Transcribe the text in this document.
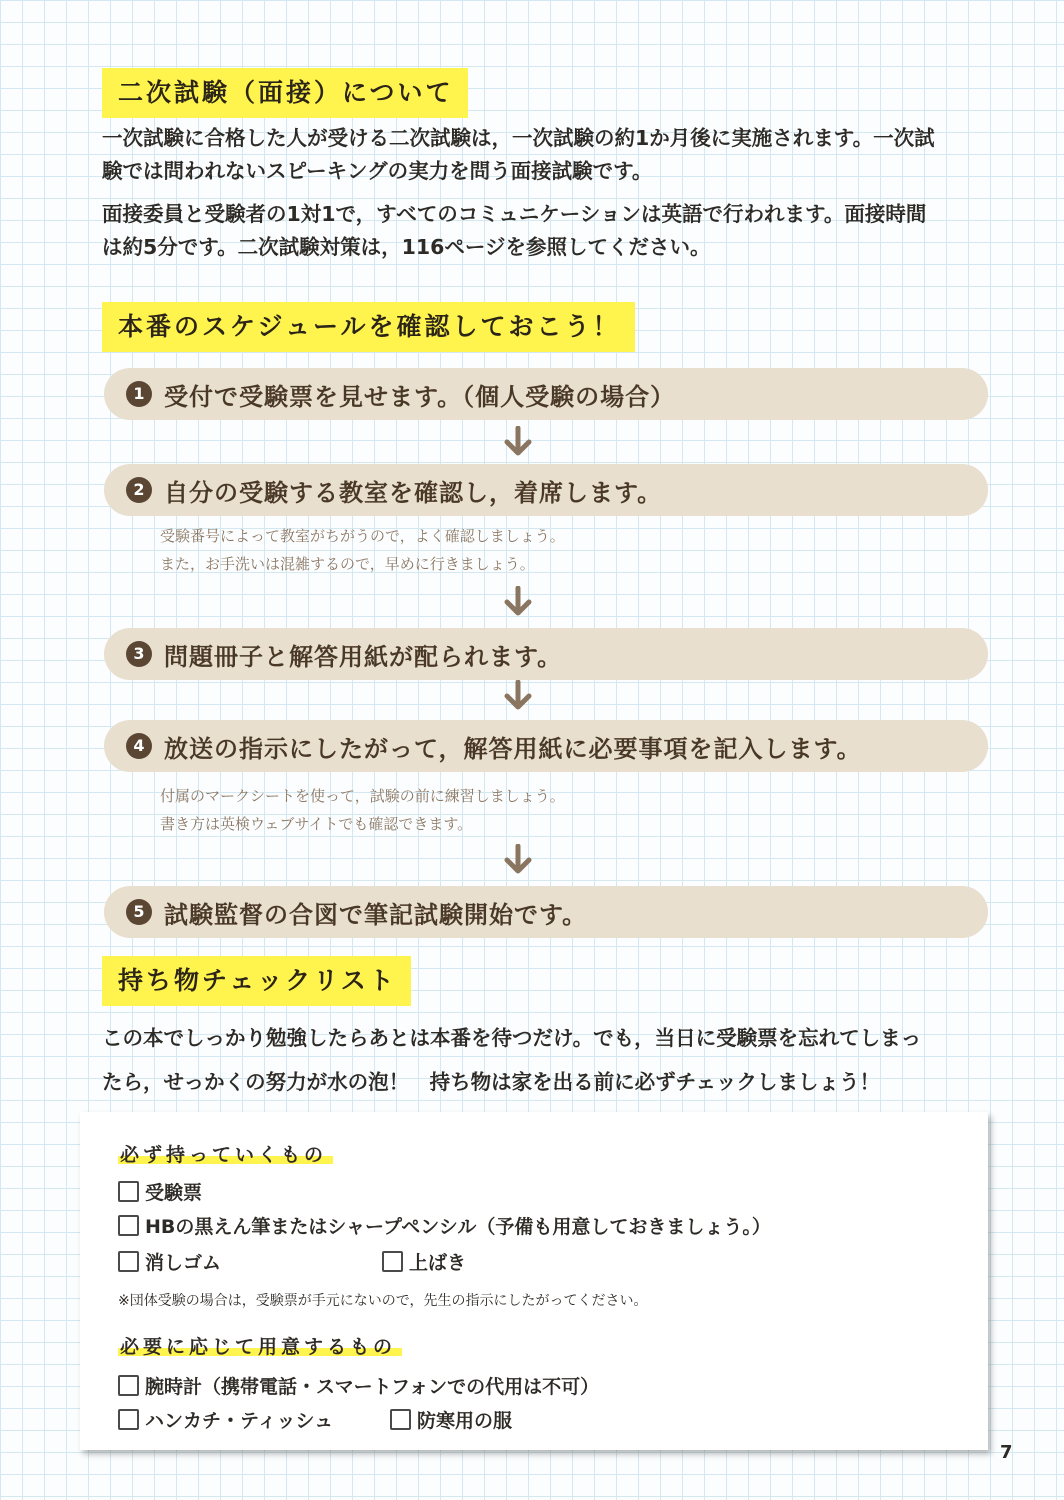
二次試験（面接）について
一次試験に合格した人が受ける二次試験は，一次試験の約1か月後に実施されます。一次試
験では問われないスピーキングの実力を問う面接試験です。
面接委員と受験者の1対1で，すべてのコミュニケーションは英語で行われます。面接時間
は約5分です。二次試験対策は，116ページを参照してください。
本番のスケジュールを確認しておこう！
1 受付で受験票を見せます。（個人受験の場合）
2 自分の受験する教室を確認し，着席します。
受験番号によって教室がちがうので，よく確認しましょう。
また，お手洗いは混雑するので，早めに行きましょう。
3 問題冊子と解答用紙が配られます。
4 放送の指示にしたがって，解答用紙に必要事項を記入します。
付属のマークシートを使って，試験の前に練習しましょう。
書き方は英検ウェブサイトでも確認できます。
5 試験監督の合図で筆記試験開始です。
持ち物チェックリスト
この本でしっかり勉強したらあとは本番を待つだけ。でも，当日に受験票を忘れてしまっ
たら，せっかくの努力が水の泡！　持ち物は家を出る前に必ずチェックしましょう！
必ず持っていくもの
受験票
HBの黒えん筆またはシャープペンシル（予備も用意しておきましょう。）
消しゴム	上ばき
※団体受験の場合は，受験票が手元にないので，先生の指示にしたがってください。
必要に応じて用意するもの
腕時計（携帯電話・スマートフォンでの代用は不可）
ハンカチ・ティッシュ	防寒用の服
7
